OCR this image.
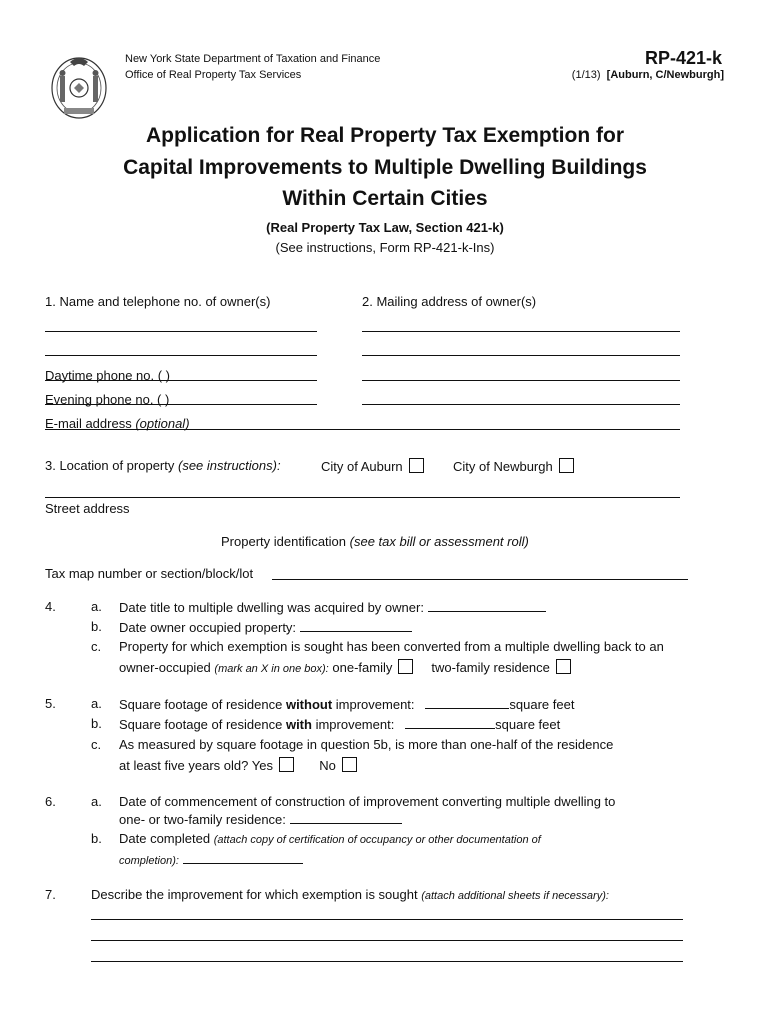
New York State Department of Taxation and Finance
Office of Real Property Tax Services
RP-421-k
(1/13) [Auburn, C/Newburgh]
Application for Real Property Tax Exemption for
Capital Improvements to Multiple Dwelling Buildings
Within Certain Cities
(Real Property Tax Law, Section 421-k)
(See instructions, Form RP-421-k-Ins)
1. Name and telephone no. of owner(s)	2. Mailing address of owner(s)
Daytime phone no. ( )
Evening phone no. ( )
E-mail address (optional)
3. Location of property (see instructions):	City of Auburn	City of Newburgh
Street address
Property identification (see tax bill or assessment roll)
Tax map number or section/block/lot
4.	a. Date title to multiple dwelling was acquired by owner:
b. Date owner occupied property:
c. Property for which exemption is sought has been converted from a multiple dwelling back to an
owner-occupied (mark an X in one box): one-family	two-family residence
5.	a. Square footage of residence without improvement:	square feet
b. Square footage of residence with improvement:	square feet
c. As measured by square footage in question 5b, is more than one-half of the residence
at least five years old? Yes	No
6.	a. Date of commencement of construction of improvement converting multiple dwelling to
one- or two-family residence:
b. Date completed (attach copy of certification of occupancy or other documentation of
completion):
7.	Describe the improvement for which exemption is sought (attach additional sheets if necessary):
